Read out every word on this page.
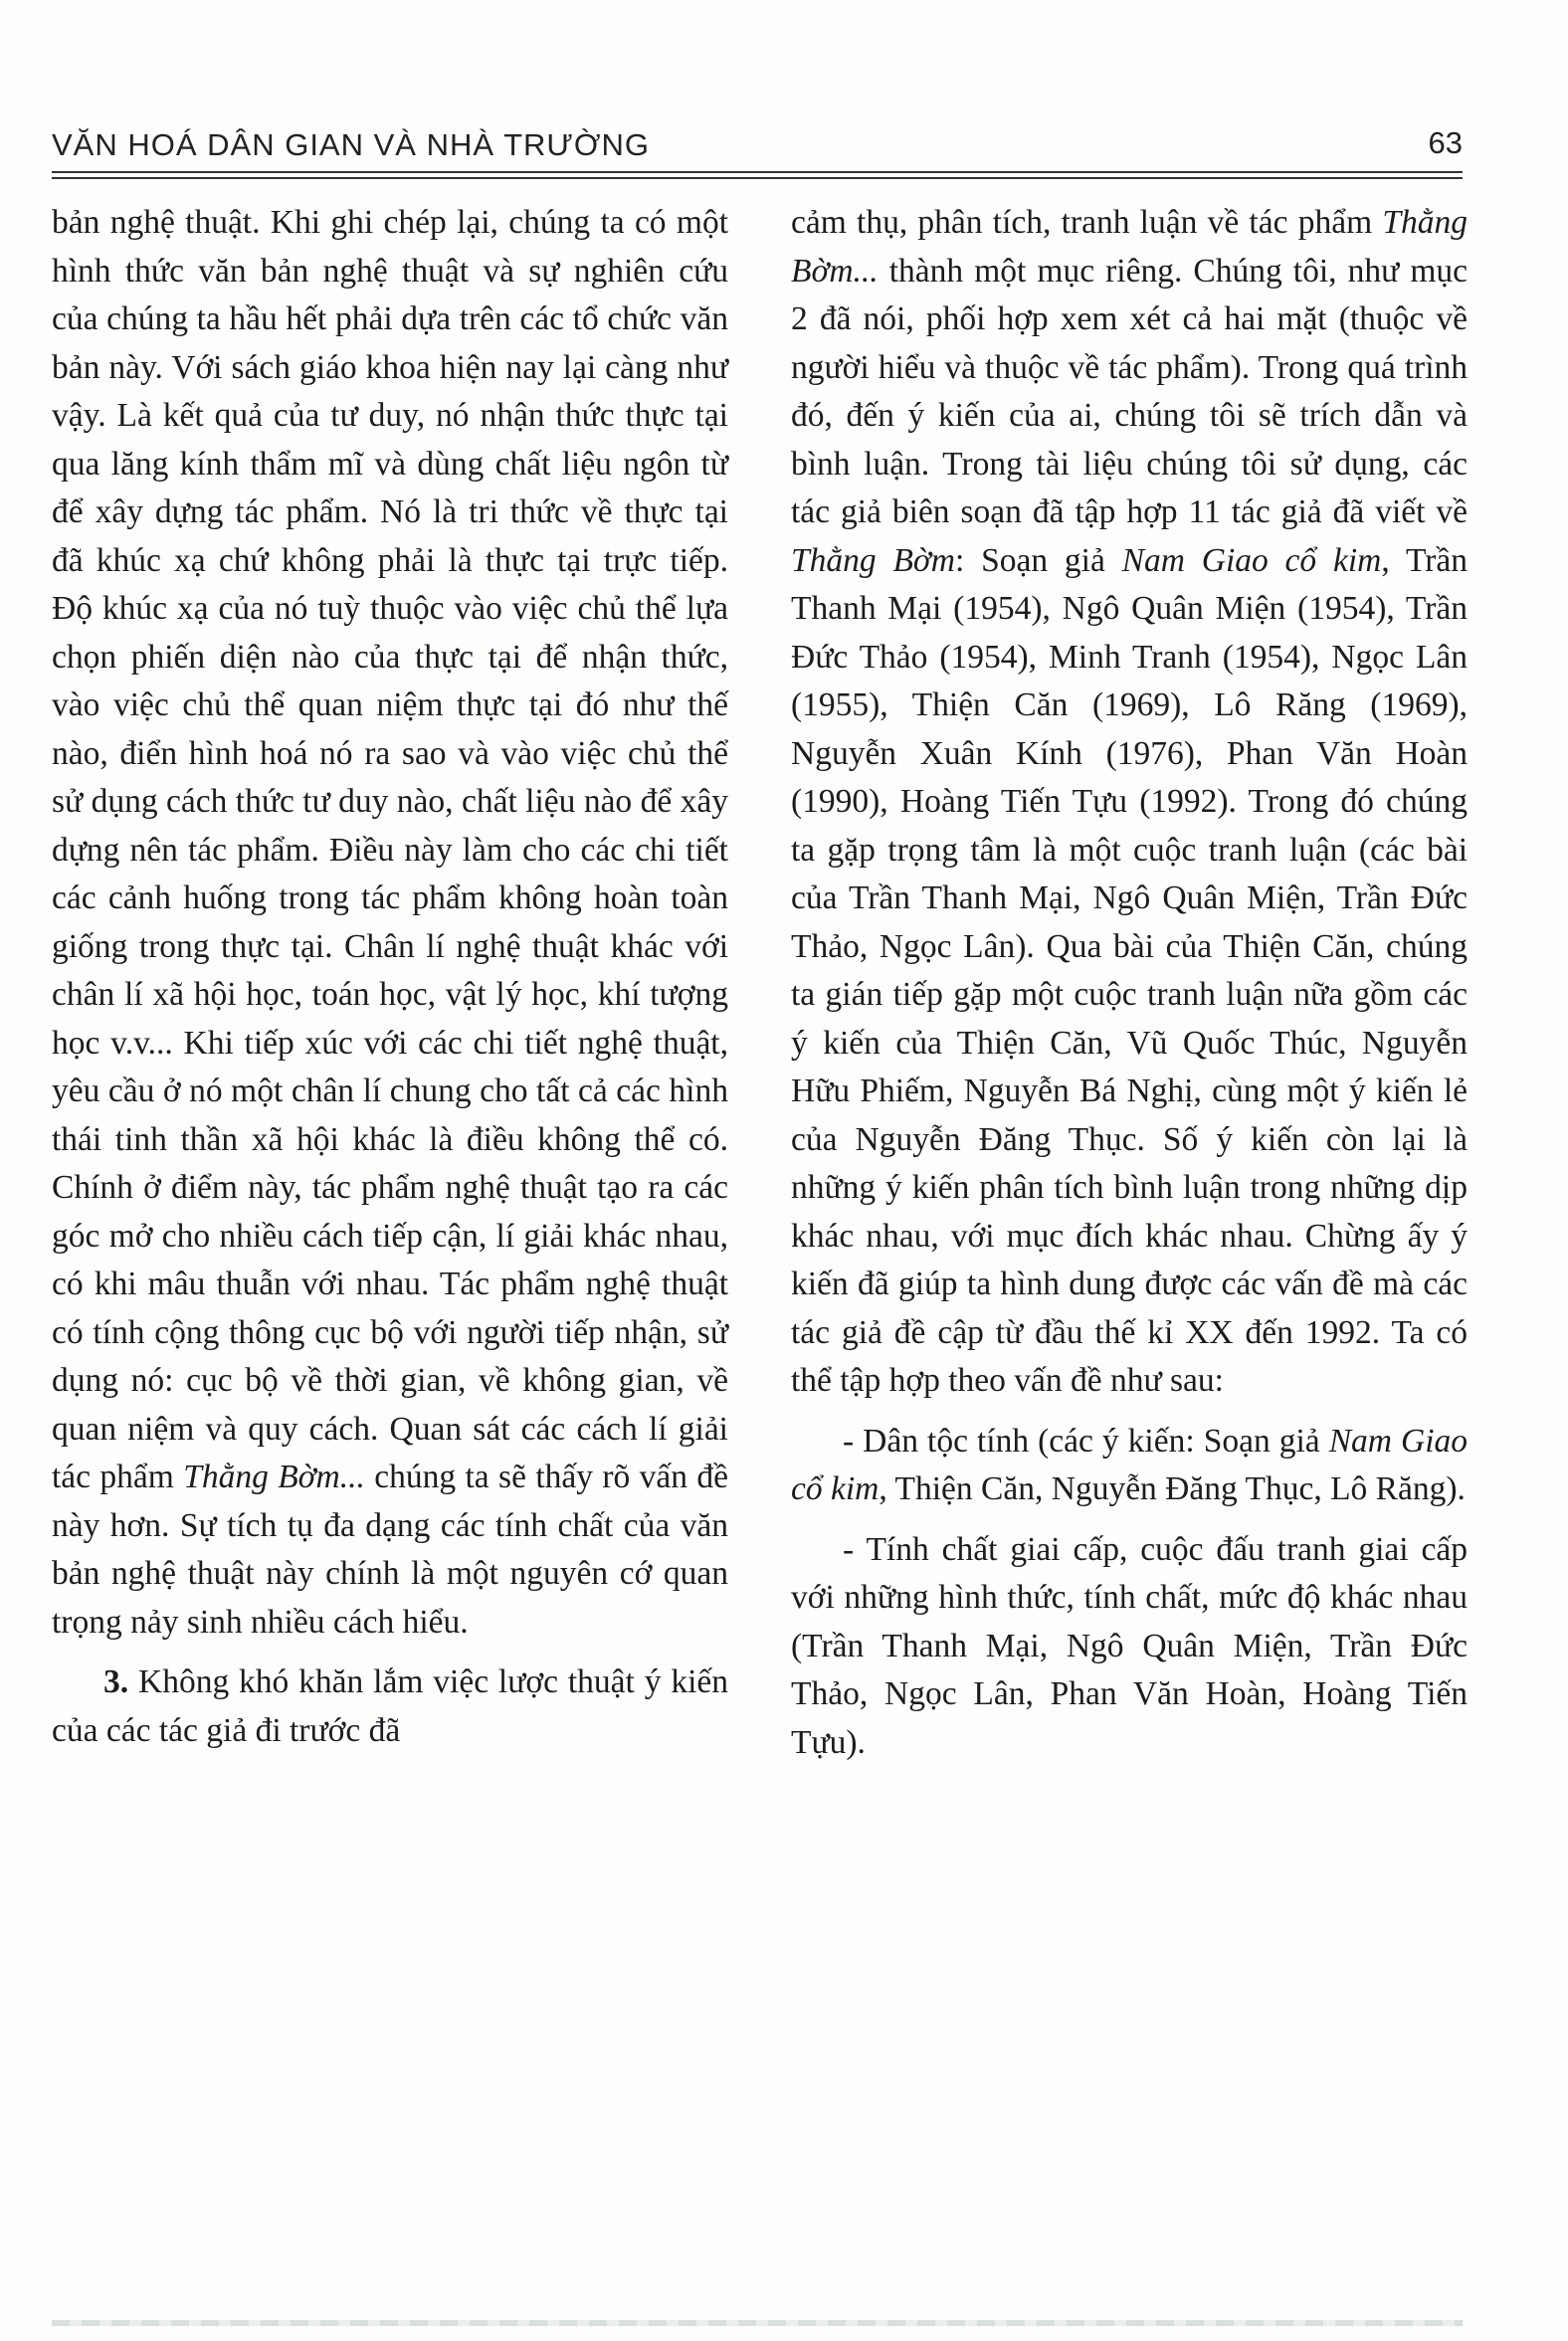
VĂN HOÁ DÂN GIAN VÀ NHÀ TRƯỜNG	63

bản nghệ thuật. Khi ghi chép lại, chúng ta có một hình thức văn bản nghệ thuật và sự nghiên cứu của chúng ta hầu hết phải dựa trên các tổ chức văn bản này. Với sách giáo khoa hiện nay lại càng như vậy. Là kết quả của tư duy, nó nhận thức thực tại qua lăng kính thẩm mĩ và dùng chất liệu ngôn từ để xây dựng tác phẩm. Nó là tri thức về thực tại đã khúc xạ chứ không phải là thực tại trực tiếp. Độ khúc xạ của nó tuỳ thuộc vào việc chủ thể lựa chọn phiến diện nào của thực tại để nhận thức, vào việc chủ thể quan niệm thực tại đó như thế nào, điển hình hoá nó ra sao và vào việc chủ thể sử dụng cách thức tư duy nào, chất liệu nào để xây dựng nên tác phẩm. Điều này làm cho các chi tiết các cảnh huống trong tác phẩm không hoàn toàn giống trong thực tại. Chân lí nghệ thuật khác với chân lí xã hội học, toán học, vật lý học, khí tượng học v.v... Khi tiếp xúc với các chi tiết nghệ thuật, yêu cầu ở nó một chân lí chung cho tất cả các hình thái tinh thần xã hội khác là điều không thể có. Chính ở điểm này, tác phẩm nghệ thuật tạo ra các góc mở cho nhiều cách tiếp cận, lí giải khác nhau, có khi mâu thuẫn với nhau. Tác phẩm nghệ thuật có tính cộng thông cục bộ với người tiếp nhận, sử dụng nó: cục bộ về thời gian, về không gian, về quan niệm và quy cách. Quan sát các cách lí giải tác phẩm Thằng Bờm... chúng ta sẽ thấy rõ vấn đề này hơn. Sự tích tụ đa dạng các tính chất của văn bản nghệ thuật này chính là một nguyên cớ quan trọng nảy sinh nhiều cách hiểu.

3. Không khó khăn lắm việc lược thuật ý kiến của các tác giả đi trước đã

cảm thụ, phân tích, tranh luận về tác phẩm Thằng Bờm... thành một mục riêng. Chúng tôi, như mục 2 đã nói, phối hợp xem xét cả hai mặt (thuộc về người hiểu và thuộc về tác phẩm). Trong quá trình đó, đến ý kiến của ai, chúng tôi sẽ trích dẫn và bình luận. Trong tài liệu chúng tôi sử dụng, các tác giả biên soạn đã tập hợp 11 tác giả đã viết về Thằng Bờm: Soạn giả Nam Giao cổ kim, Trần Thanh Mại (1954), Ngô Quân Miện (1954), Trần Đức Thảo (1954), Minh Tranh (1954), Ngọc Lân (1955), Thiện Căn (1969), Lô Răng (1969), Nguyễn Xuân Kính (1976), Phan Văn Hoàn (1990), Hoàng Tiến Tựu (1992). Trong đó chúng ta gặp trọng tâm là một cuộc tranh luận (các bài của Trần Thanh Mại, Ngô Quân Miện, Trần Đức Thảo, Ngọc Lân). Qua bài của Thiện Căn, chúng ta gián tiếp gặp một cuộc tranh luận nữa gồm các ý kiến của Thiện Căn, Vũ Quốc Thúc, Nguyễn Hữu Phiếm, Nguyễn Bá Nghị, cùng một ý kiến lẻ của Nguyễn Đăng Thục. Số ý kiến còn lại là những ý kiến phân tích bình luận trong những dịp khác nhau, với mục đích khác nhau. Chừng ấy ý kiến đã giúp ta hình dung được các vấn đề mà các tác giả đề cập từ đầu thế kỉ XX đến 1992. Ta có thể tập hợp theo vấn đề như sau:

- Dân tộc tính (các ý kiến: Soạn giả Nam Giao cổ kim, Thiện Căn, Nguyễn Đăng Thục, Lô Răng).

- Tính chất giai cấp, cuộc đấu tranh giai cấp với những hình thức, tính chất, mức độ khác nhau (Trần Thanh Mại, Ngô Quân Miện, Trần Đức Thảo, Ngọc Lân, Phan Văn Hoàn, Hoàng Tiến Tựu).
